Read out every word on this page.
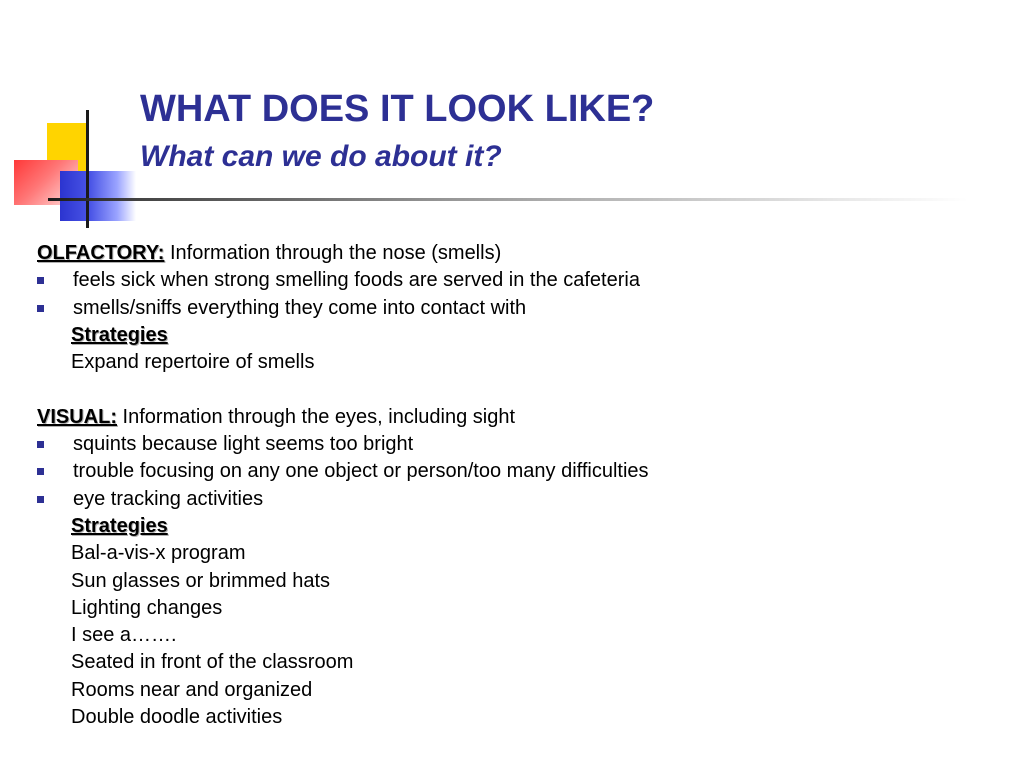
WHAT DOES IT LOOK LIKE?
What can we do about it?
OLFACTORY: Information through the nose (smells)
feels sick when strong smelling foods are served in the cafeteria
smells/sniffs everything they come into contact with
Strategies
Expand repertoire of smells
VISUAL: Information through the eyes, including sight
squints because light seems too bright
trouble focusing on any one object or person/too many difficulties
eye tracking activities
Strategies
Bal-a-vis-x program
Sun glasses or brimmed hats
Lighting changes
I see a…….
Seated in front of the classroom
Rooms near and organized
Double doodle activities
